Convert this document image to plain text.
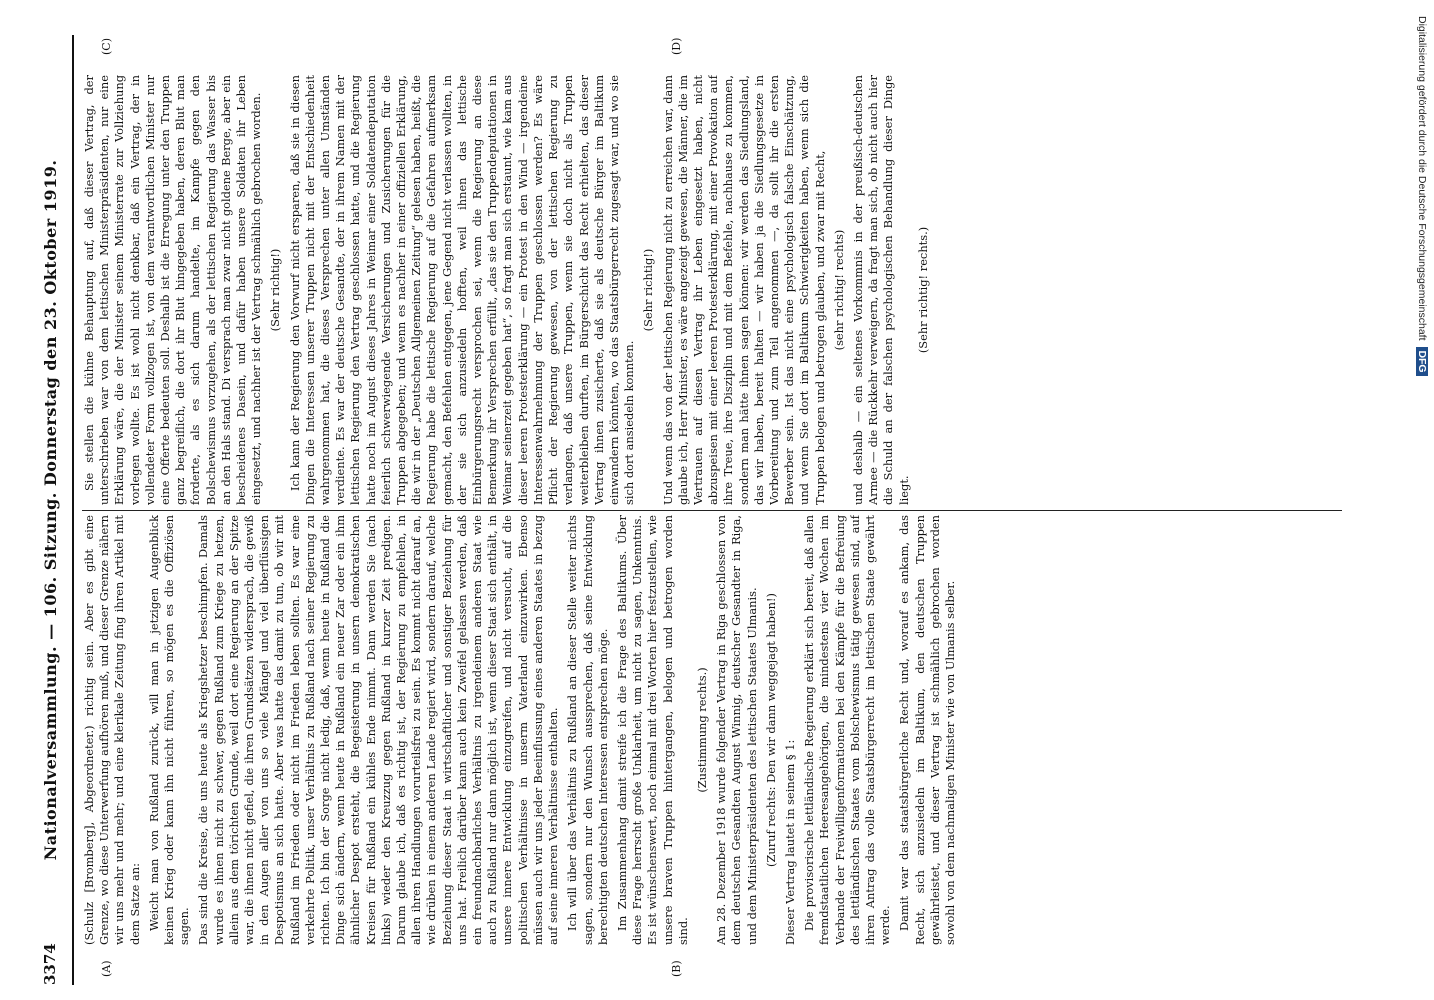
3374
Nationalversammlung. — 106. Sitzung. Donnerstag den 23. Oktober 1919.
(A)	(B)
(C)	(D)

(Schulz [Bromberg], Abgeordneter.) richtig sein. Aber es gibt eine Grenze, wo diese Unterwerfung aufhören muß, und dieser Grenze nähern wir uns mehr und mehr; und eine klerikale Zeitung fing ihren Artikel mit dem Satze an: Weicht man von Rußland zurück, will man in jetzigen Augenblick keinen Krieg oder kann ihn nicht führen, so mögen es die Offiziösen sagen. Das sind die Kreise, die uns heute als Kriegshetzer beschimpfen. Damals wurde es ihnen nicht zu schwer, gegen Rußland zum Kriege zu hetzen, allein aus dem törichten Grunde, weil dort eine Regierung an der Spitze war, die ihnen nicht gefiel, die ihren Grundsätzen widersprach, die gewiß in den Augen aller von uns so viele Mängel und viel überflüssigen Despotismus an sich hatte. Aber was hatte das damit zu tun, ob wir mit Rußland im Frieden oder nicht im Frieden leben sollten. Es war eine verkehrte Politik, unser Verhältnis zu Rußland nach seiner Regierung zu richten. Ich bin der Sorge nicht ledig, daß, wenn heute in Rußland die Dinge sich ändern, wenn heute in Rußland ein neuer Zar oder ein ihm ähnlicher Despot ersteht, die Begeisterung in unsern demokratischen Kreisen für Rußland ein kühles Ende nimmt. Dann werden Sie (nach links) wieder den Kreuzzug gegen Rußland in kurzer Zeit predigen. Darum glaube ich, daß es richtig ist, der Regierung zu empfehlen, in allen ihren Handlungen vorurteilsfrei zu sein. Es kommt nicht darauf an, wie drüben in einem anderen Lande regiert wird, sondern darauf, welche Beziehung dieser Staat in wirtschaftlicher und sonstiger Beziehung für uns hat. Freilich darüber kann auch kein Zweifel gelassen werden, daß ein freundnachbarliches Verhältnis zu irgendeinem anderen Staat wie auch zu Rußland nur dann möglich ist, wenn dieser Staat sich enthält, in unsere innere Entwicklung einzugreifen, und nicht versucht, auf die politischen Verhältnisse in unserm Vaterland einzuwirken. Ebenso müssen auch wir uns jeder Beeinflussung eines anderen Staates in bezug auf seine inneren Verhältnisse enthalten. Ich will über das Verhältnis zu Rußland an dieser Stelle weiter nichts sagen, sondern nur den Wunsch aussprechen, daß seine Entwicklung berechtigten deutschen Interessen entsprechen möge. Im Zusammenhang damit streife ich die Frage des Baltikums. Über diese Frage herrscht große Unklarheit, um nicht zu sagen, Unkenntnis. Es ist wünschenswert, noch einmal mit drei Worten hier festzustellen, wie unsere braven Truppen hintergangen, belogen und betrogen worden sind.

(Zustimmung rechts.) Am 28. Dezember 1918 wurde folgender Vertrag in Riga geschlossen von dem deutschen Gesandten August Winnig, deutscher Gesandter in Riga, und dem Ministerpräsidenten des lettischen Staates Ulmanis. (Zuruf rechts: Den wir dann weggejagt haben!) Dieser Vertrag lautet in seinem § 1: Die provisorische lettländische Regierung erklärt sich bereit, daß allen fremdstaatlichen Heeresangehörigen, die mindestens vier Wochen im Verbande der Freiwilligenformationen bei den Kämpfe für die Befreiung des lettländischen Staates vom Bolschewismus tätig gewesen sind, auf ihren Antrag das volle Staatsbürgerrecht im lettischen Staate gewährt werde. Damit war das staatsbürgerliche Recht und, worauf es ankam, das Recht, sich anzusiedeln im Baltikum, den deutschen Truppen gewährleistet, und dieser Vertrag ist schmählich gebrochen worden sowohl von dem nachmaligen Minister wie von Ulmanis selber.

Sie stellen die kühne Behauptung auf, daß dieser Vertrag, der unterschrieben war von dem lettischen Ministerpräsidenten, nur eine Erklärung wäre, die der Minister seinem Ministerrate zur Vollziehung vorlegen wollte. Es ist wohl nicht denkbar, daß ein Vertrag, der in vollendeter Form vollzogen ist, von dem verantwortlichen Minister nur eine Offerte bedeuten soll. Deshalb ist die Erregung unter den Truppen ganz begreiflich, die dort ihr Blut hingegeben haben, deren Blut man forderte, als es sich darum handelte, im Kampfe gegen den Bolschewismus vorzugehen, als der lettischen Regierung das Wasser bis an den Hals stand. Di versprach man zwar nicht goldene Berge, aber ein bescheidenes Dasein, und dafür haben unsere Soldaten ihr Leben eingesetzt, und nachher ist der Vertrag schmählich gebrochen worden. (Sehr richtig!) Ich kann der Regierung den Vorwurf nicht ersparen, daß sie in diesen Dingen die Interessen unserer Truppen nicht mit der Entschiedenheit wahrgenommen hat, die dieses Versprechen unter allen Umständen verdiente. Es war der deutsche Gesandte, der in ihrem Namen mit der lettischen Regierung den Vertrag geschlossen hatte, und die Regierung hatte noch im August dieses Jahres in Weimar einer Soldatendeputation feierlich schwerwiegende Versicherungen und Zusicherungen für die Truppen abgegeben; und wenn es nachher in einer offiziellen Erklärung, die wir in der „Deutschen Allgemeinen Zeitung“ gelesen haben, heißt, die Regierung habe die lettische Regierung auf die Gefahren aufmerksam gemacht, den Befehlen entgegen, jene Gegend nicht verlassen wollten, in der sie sich anzusiedeln hofften, weil ihnen das lettische Einbürgerungsrecht versprochen sei, wenn die Regierung an diese Bemerkung ihr Versprechen erfüllt, „das sie den Truppendeputationen in Weimar seinerzeit gegeben hat“, so fragt man sich erstaunt, wie kam aus dieser leeren Protesterklärung — ein Protest in den Wind — irgendeine Interessenwahrnehmung der Truppen geschlossen werden? Es wäre Pflicht der Regierung gewesen, von der lettischen Regierung zu verlangen, daß unsere Truppen, wenn sie doch nicht als Truppen weiterbleiben durften, im Bürgerschicht das Recht erhielten, das dieser Vertrag ihnen zusicherte, daß sie als deutsche Bürger im Baltikum einwandern könnten, wo das Staatsbürgerrecht zugesagt war, und wo sie sich dort ansiedeln konnten.

(Sehr richtig!) Und wenn das von der lettischen Regierung nicht zu erreichen war, dann glaube ich, Herr Minister, es wäre angezeigt gewesen, die Männer, die im Vertrauen auf diesen Vertrag ihr Leben eingesetzt haben, nicht abzuspeisen mit einer leeren Protesterklärung, mit einer Provokation auf ihre Treue, ihre Disziplin und mit dem Befehle, nachhause zu kommen, sondern man hätte ihnen sagen können: wir werden das Siedlungsland, das wir haben, bereit halten — wir haben ja die Siedlungsgesetze in Vorbereitung und zum Teil angenommen —, da sollt ihr die ersten Bewerber sein. Ist das nicht eine psychologisch falsche Einschätzung, und wenn Sie dort im Baltikum Schwierigkeiten haben, wenn sich die Truppen belogen und betrogen glauben, und zwar mit Recht, (sehr richtig! rechts) und deshalb — ein seltenes Vorkommnis in der preußisch-deutschen Armee — die Rückkehr verweigern, da fragt man sich, ob nicht auch hier die Schuld an der falschen psychologischen Behandlung dieser Dinge liegt.

(Sehr richtig! rechts.)	Digitalisierung gefördert durch die Deutsche Forschungsgemeinschaft DFG
